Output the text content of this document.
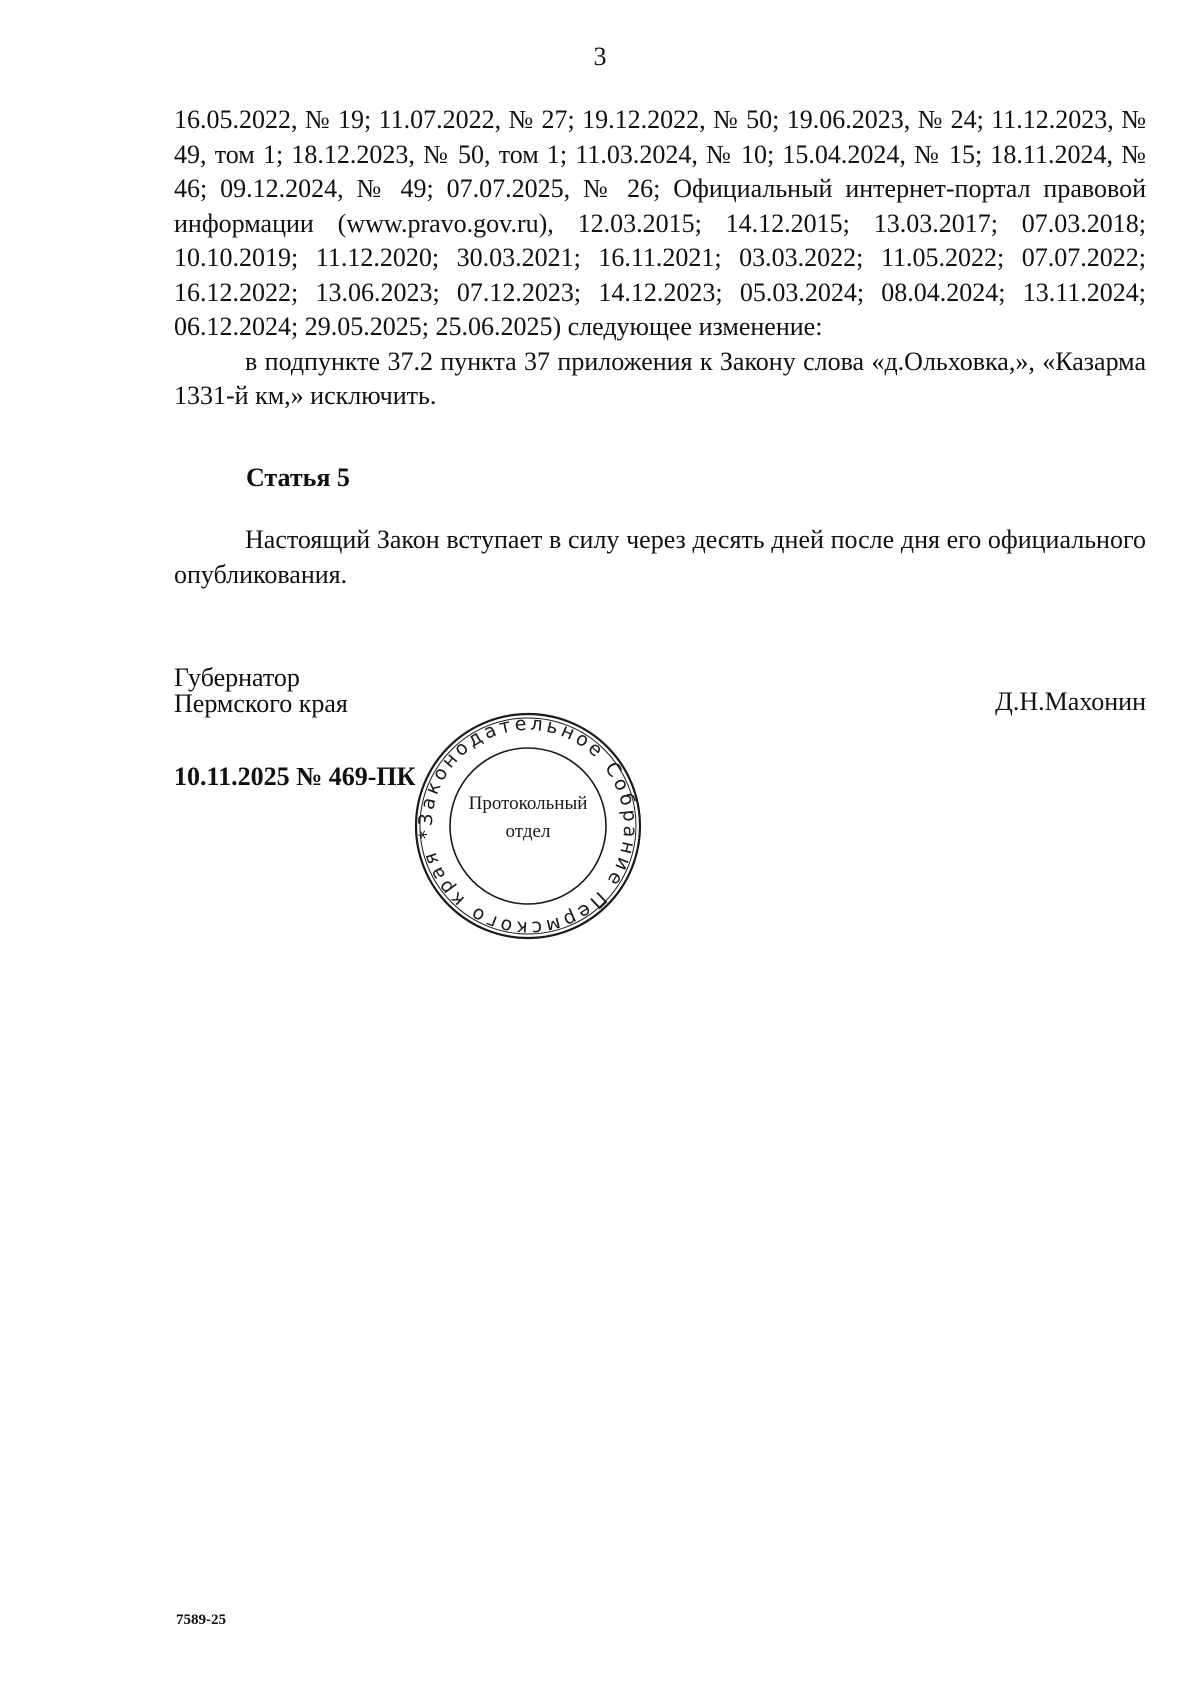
3

16.05.2022, № 19; 11.07.2022, № 27; 19.12.2022, № 50; 19.06.2023, № 24; 11.12.2023, № 49, том 1; 18.12.2023, № 50, том 1; 11.03.2024, № 10; 15.04.2024, № 15; 18.11.2024, № 46; 09.12.2024, № 49; 07.07.2025, № 26; Официальный интернет-портал правовой информации (www.pravo.gov.ru), 12.03.2015; 14.12.2015; 13.03.2017; 07.03.2018; 10.10.2019; 11.12.2020; 30.03.2021; 16.11.2021; 03.03.2022; 11.05.2022; 07.07.2022; 16.12.2022; 13.06.2023; 07.12.2023; 14.12.2023; 05.03.2024; 08.04.2024; 13.11.2024; 06.12.2024; 29.05.2025; 25.06.2025) следующее изменение:

в подпункте 37.2 пункта 37 приложения к Закону слова «д.Ольховка,», «Казарма 1331-й км,» исключить.

Статья 5

Настоящий Закон вступает в силу через десять дней после дня его официального опубликования.

Губернатор
Пермского края	Д.Н.Махонин
10.11.2025 № 469-ПК
Законодательное Собрание Пермского края *
Протокольный
отдел
7589-25
